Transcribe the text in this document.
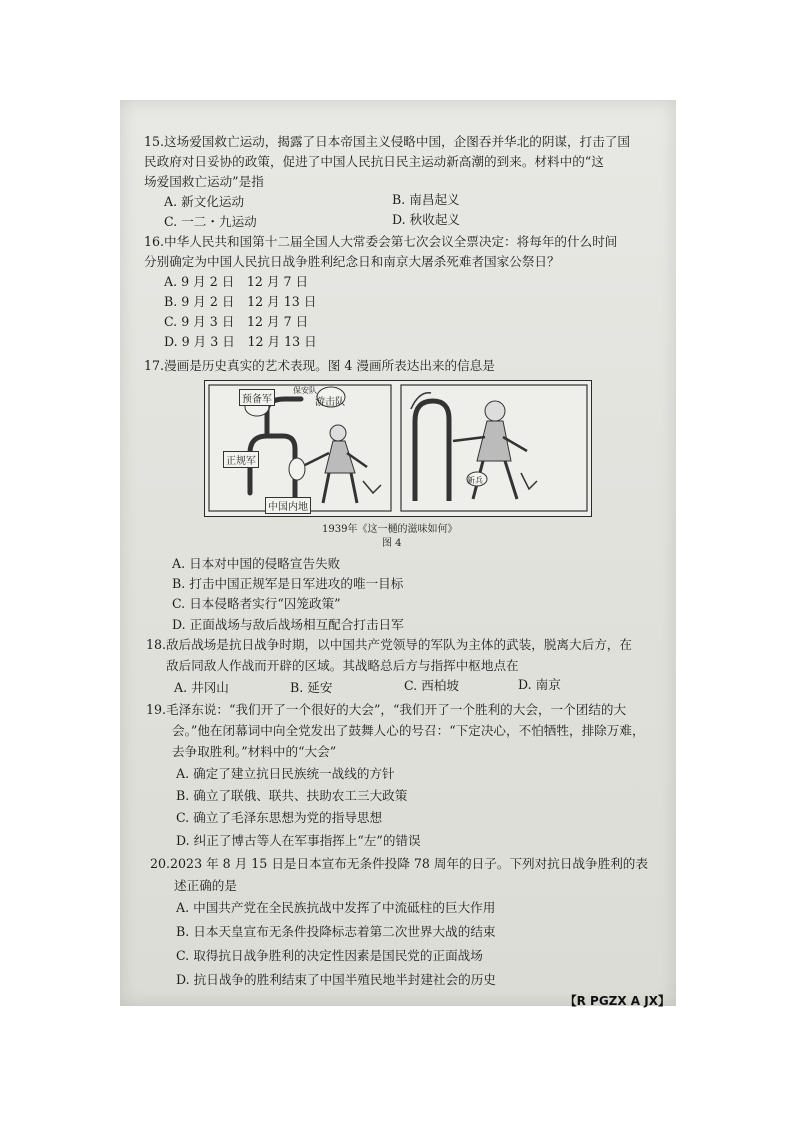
15.这场爱国救亡运动，揭露了日本帝国主义侵略中国，企图吞并华北的阴谋，打击了国
民政府对日妥协的政策，促进了中国人民抗日民主运动新高潮的到来。材料中的“这
场爱国救亡运动”是指
A. 新文化运动	B. 南昌起义
C. 一二・九运动	D. 秋收起义
16.中华人民共和国第十二届全国人大常委会第七次会议全票决定：将每年的什么时间
分别确定为中国人民抗日战争胜利纪念日和南京大屠杀死难者国家公祭日？
A. 9 月 2 日　12 月 7 日
B. 9 月 2 日　12 月 13 日
C. 9 月 3 日　12 月 7 日
D. 9 月 3 日　12 月 13 日
17.漫画是历史真实的艺术表现。图 4 漫画所表达出来的信息是
预备军
保安队
游击队
正规军
中国内地
新兵
1939年《这一樋的滋味如何》
图 4
A. 日本对中国的侵略宣告失败
B. 打击中国正规军是日军进攻的唯一目标
C. 日本侵略者实行“囚笼政策”
D. 正面战场与敌后战场相互配合打击日军
18.敌后战场是抗日战争时期，以中国共产党领导的军队为主体的武装，脱离大后方，在
敌后同敌人作战而开辟的区域。其战略总后方与指挥中枢地点在
A. 井冈山	B. 延安	C. 西柏坡	D. 南京
19.毛泽东说：“我们开了一个很好的大会”，“我们开了一个胜利的大会，一个团结的大
会。”他在闭幕词中向全党发出了鼓舞人心的号召：“下定决心，不怕牺牲，排除万难，
去争取胜利。”材料中的“大会”
A. 确定了建立抗日民族统一战线的方针
B. 确立了联俄、联共、扶助农工三大政策
C. 确立了毛泽东思想为党的指导思想
D. 纠正了博古等人在军事指挥上“左”的错误
20.2023 年 8 月 15 日是日本宣布无条件投降 78 周年的日子。下列对抗日战争胜利的表
述正确的是
A. 中国共产党在全民族抗战中发挥了中流砥柱的巨大作用
B. 日本天皇宣布无条件投降标志着第二次世界大战的结束
C. 取得抗日战争胜利的决定性因素是国民党的正面战场
D. 抗日战争的胜利结束了中国半殖民地半封建社会的历史
【R PGZX A JX】
